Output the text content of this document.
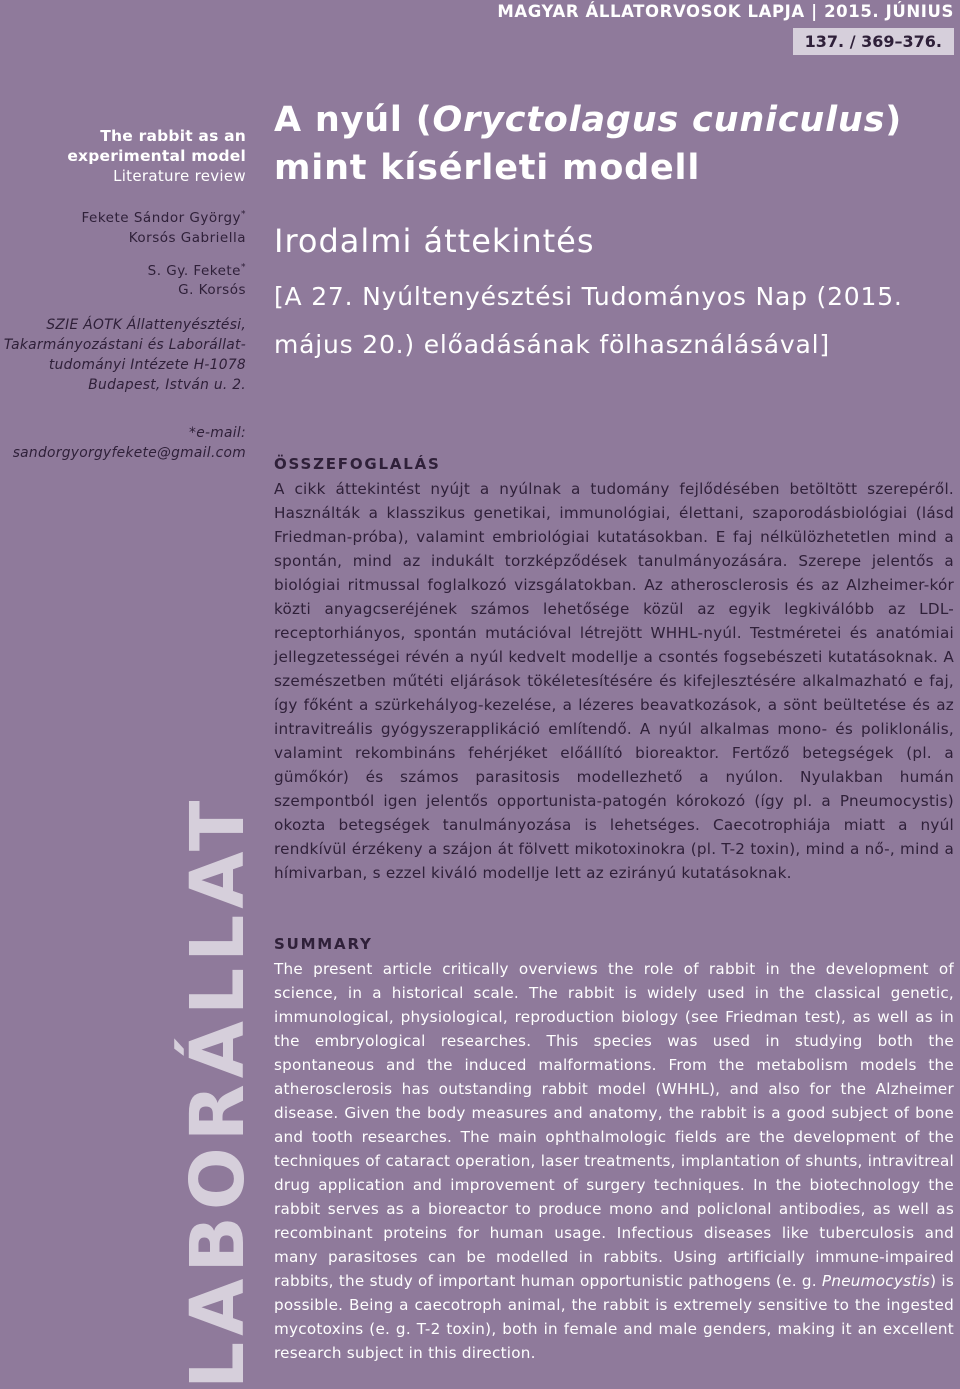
MAGYAR ÁLLATORVOSOK LAPJA | 2015. JÚNIUS
137. / 369–376.
The rabbit as an experimental model
Literature review
Fekete Sándor György*
Korsós Gabriella
S. Gy. Fekete*
G. Korsós
SZIE ÁOTK Állattenyésztési, Takarmányozástani és Laborállat-tudományi Intézete H-1078 Budapest, István u. 2.
*e-mail:
sandorgyorgyfekete@gmail.com
LABORÁLLAT
A nyúl (Oryctolagus cuniculus) mint kísérleti modell
Irodalmi áttekintés
[A 27. Nyúltenyésztési Tudományos Nap (2015. május 20.) előadásának fölhasználásával]
ÖSSZEFOGLALÁS
A cikk áttekintést nyújt a nyúlnak a tudomány fejlődésében betöltött szerepéről. Használták a klasszikus genetikai, immunológiai, élettani, szaporodásbiológiai (lásd Friedman-próba), valamint embriológiai kutatásokban. E faj nélkülözhetetlen mind a spontán, mind az indukált torzképződések tanulmányozására. Szerepe jelentős a biológiai ritmussal foglalkozó vizsgálatokban. Az atherosclerosis és az Alzheimer-kór közti anyagcseréjének számos lehetősége közül az egyik legkiválóbb az LDL-receptorhiányos, spontán mutációval létrejött WHHL-nyúl. Testméretei és anatómiai jellegzetességei révén a nyúl kedvelt modellje a csontés fogsebészeti kutatásoknak. A szemészetben műtéti eljárások tökéletesítésére és kifejlesztésére alkalmazható e faj, így főként a szürkehályog-kezelése, a lézeres beavatkozások, a sönt beültetése és az intravitreális gyógyszerapplikáció említendő. A nyúl alkalmas mono- és poliklonális, valamint rekombináns fehérjéket előállító bioreaktor. Fertőző betegségek (pl. a gümőkór) és számos parasitosis modellezhető a nyúlon. Nyulakban humán szempontból igen jelentős opportunista-patogén kórokozó (így pl. a Pneumocystis) okozta betegségek tanulmányozása is lehetséges. Caecotrophiája miatt a nyúl rendkívül érzékeny a szájon át fölvett mikotoxinokra (pl. T-2 toxin), mind a nő-, mind a hímivarban, s ezzel kiváló modellje lett az ezirányú kutatásoknak.
SUMMARY
The present article critically overviews the role of rabbit in the development of science, in a historical scale. The rabbit is widely used in the classical genetic, immunological, physiological, reproduction biology (see Friedman test), as well as in the embryological researches. This species was used in studying both the spontaneous and the induced malformations. From the metabolism models the atherosclerosis has outstanding rabbit model (WHHL), and also for the Alzheimer disease. Given the body measures and anatomy, the rabbit is a good subject of bone and tooth researches. The main ophthalmologic fields are the development of the techniques of cataract operation, laser treatments, implantation of shunts, intravitreal drug application and improvement of surgery techniques. In the biotechnology the rabbit serves as a bioreactor to produce mono and policlonal antibodies, as well as recombinant proteins for human usage. Infectious diseases like tuberculosis and many parasitoses can be modelled in rabbits. Using artificially immune-impaired rabbits, the study of important human opportunistic pathogens (e. g. Pneumocystis) is possible. Being a caecotroph animal, the rabbit is extremely sensitive to the ingested mycotoxins (e. g. T-2 toxin), both in female and male genders, making it an excellent research subject in this direction.
